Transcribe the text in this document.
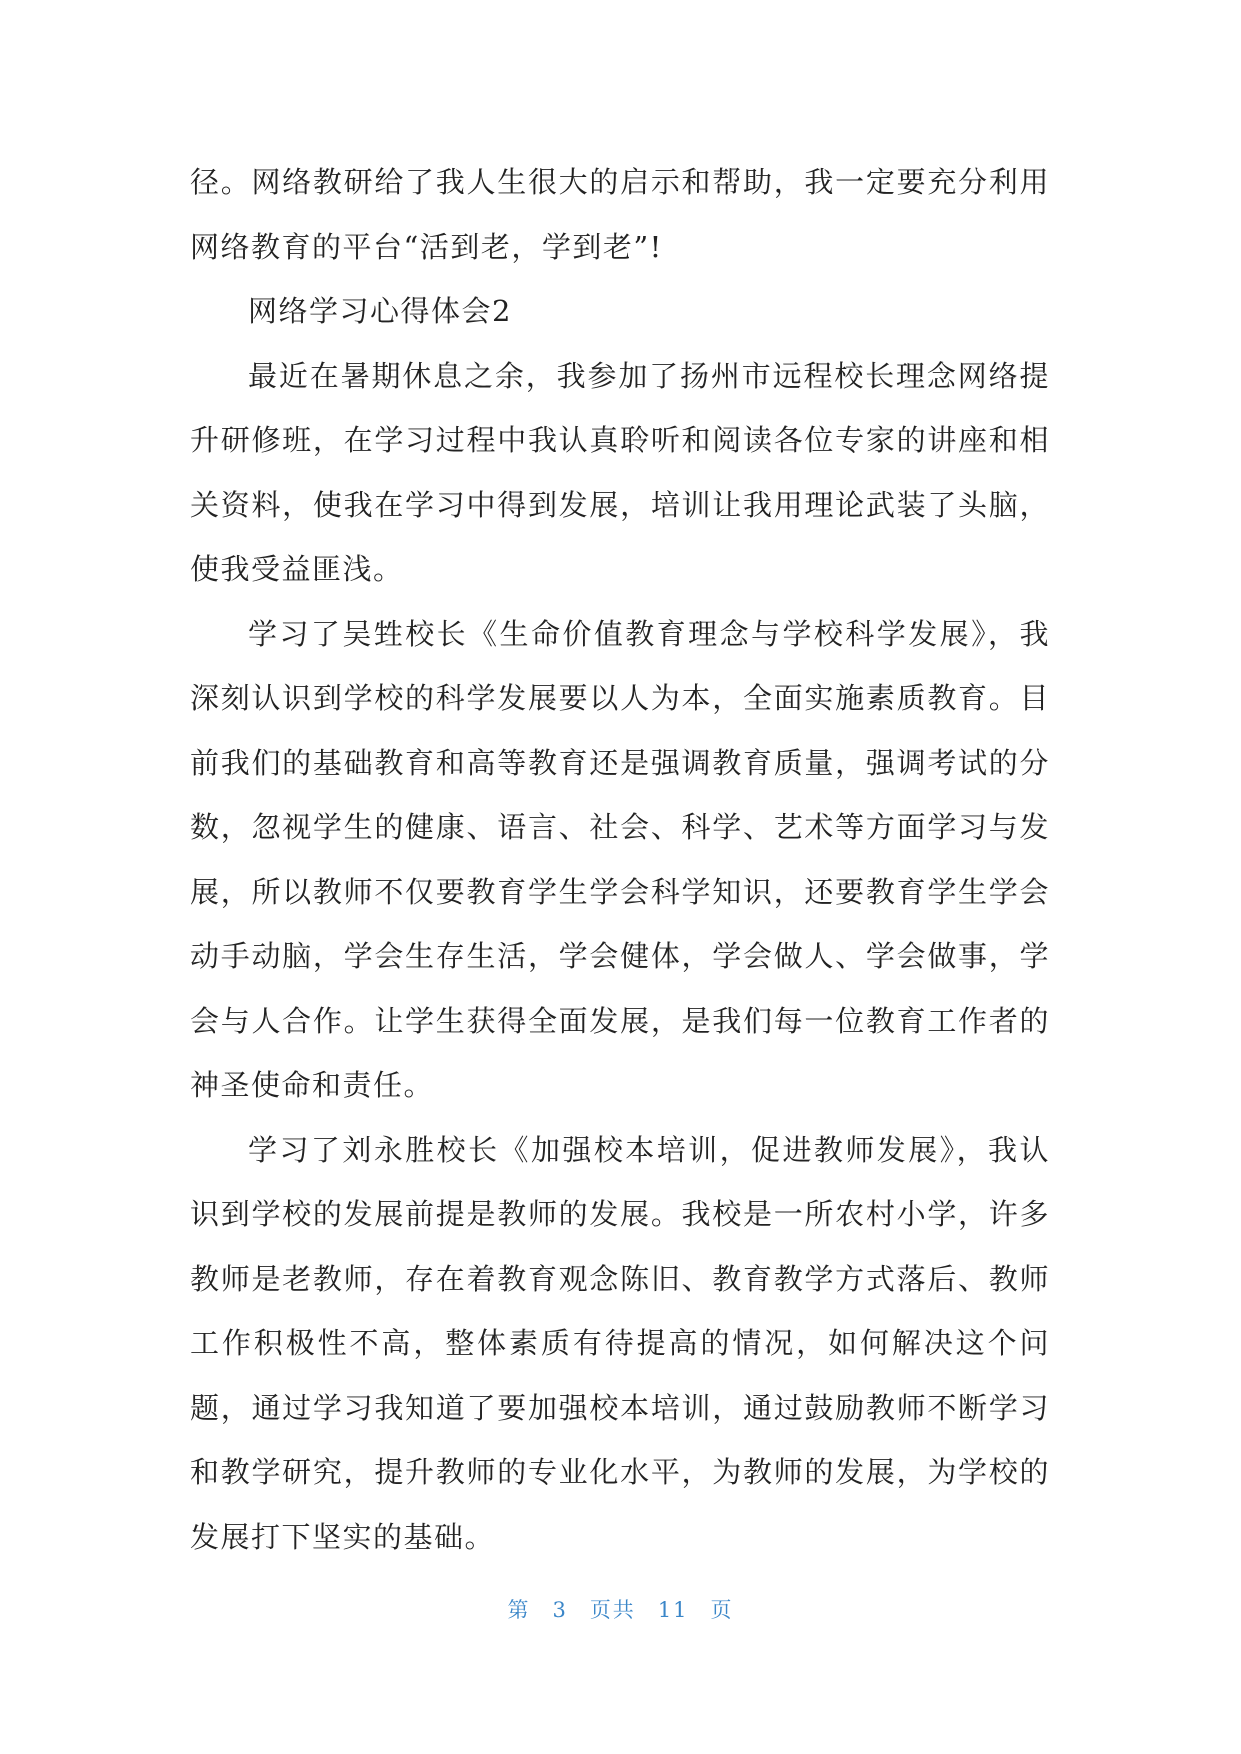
径。网络教研给了我人生很大的启示和帮助，我一定要充分利用网络教育的平台“活到老，学到老”!

网络学习心得体会2

最近在暑期休息之余，我参加了扬州市远程校长理念网络提升研修班，在学习过程中我认真聆听和阅读各位专家的讲座和相关资料，使我在学习中得到发展，培训让我用理论武装了头脑，使我受益匪浅。

学习了吴甡校长《生命价值教育理念与学校科学发展》，我深刻认识到学校的科学发展要以人为本，全面实施素质教育。目前我们的基础教育和高等教育还是强调教育质量，强调考试的分数，忽视学生的健康、语言、社会、科学、艺术等方面学习与发展，所以教师不仅要教育学生学会科学知识，还要教育学生学会动手动脑，学会生存生活，学会健体，学会做人、学会做事，学会与人合作。让学生获得全面发展，是我们每一位教育工作者的神圣使命和责任。

学习了刘永胜校长《加强校本培训，促进教师发展》，我认识到学校的发展前提是教师的发展。我校是一所农村小学，许多教师是老教师，存在着教育观念陈旧、教育教学方式落后、教师工作积极性不高，整体素质有待提高的情况，如何解决这个问题，通过学习我知道了要加强校本培训，通过鼓励教师不断学习和教学研究，提升教师的专业化水平，为教师的发展，为学校的发展打下坚实的基础。

第 3 页共 11 页
